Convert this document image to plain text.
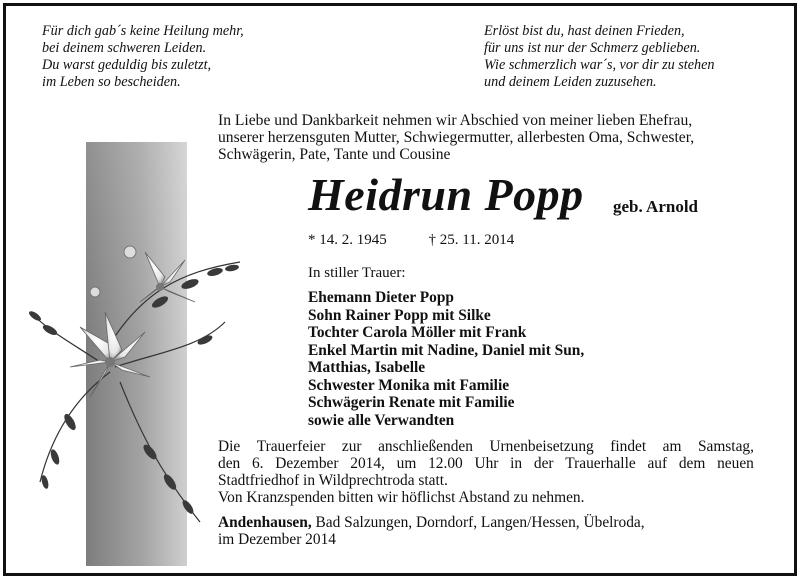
Für dich gab´s keine Heilung mehr,
bei deinem schweren Leiden.
Du warst geduldig bis zuletzt,
im Leben so bescheiden.
Erlöst bist du, hast deinen Frieden,
für uns ist nur der Schmerz geblieben.
Wie schmerzlich war´s, vor dir zu stehen
und deinem Leiden zuzusehen.
In Liebe und Dankbarkeit nehmen wir Abschied von meiner lieben Ehefrau,
unserer herzensguten Mutter, Schwiegermutter, allerbesten Oma, Schwester,
Schwägerin, Pate, Tante und Cousine
Heidrun Popp geb. Arnold
* 14. 2. 1945	† 25. 11. 2014
In stiller Trauer:
Ehemann Dieter Popp
Sohn Rainer Popp mit Silke
Tochter Carola Möller mit Frank
Enkel Martin mit Nadine, Daniel mit Sun,
Matthias, Isabelle
Schwester Monika mit Familie
Schwägerin Renate mit Familie
sowie alle Verwandten
Die Trauerfeier zur anschließenden Urnenbeisetzung findet am Samstag,
den 6. Dezember 2014, um 12.00 Uhr in der Trauerhalle auf dem neuen
Stadtfriedhof in Wildprechtroda statt.
Von Kranzspenden bitten wir höflichst Abstand zu nehmen.
Andenhausen, Bad Salzungen, Dorndorf, Langen/Hessen, Übelroda,
im Dezember 2014
